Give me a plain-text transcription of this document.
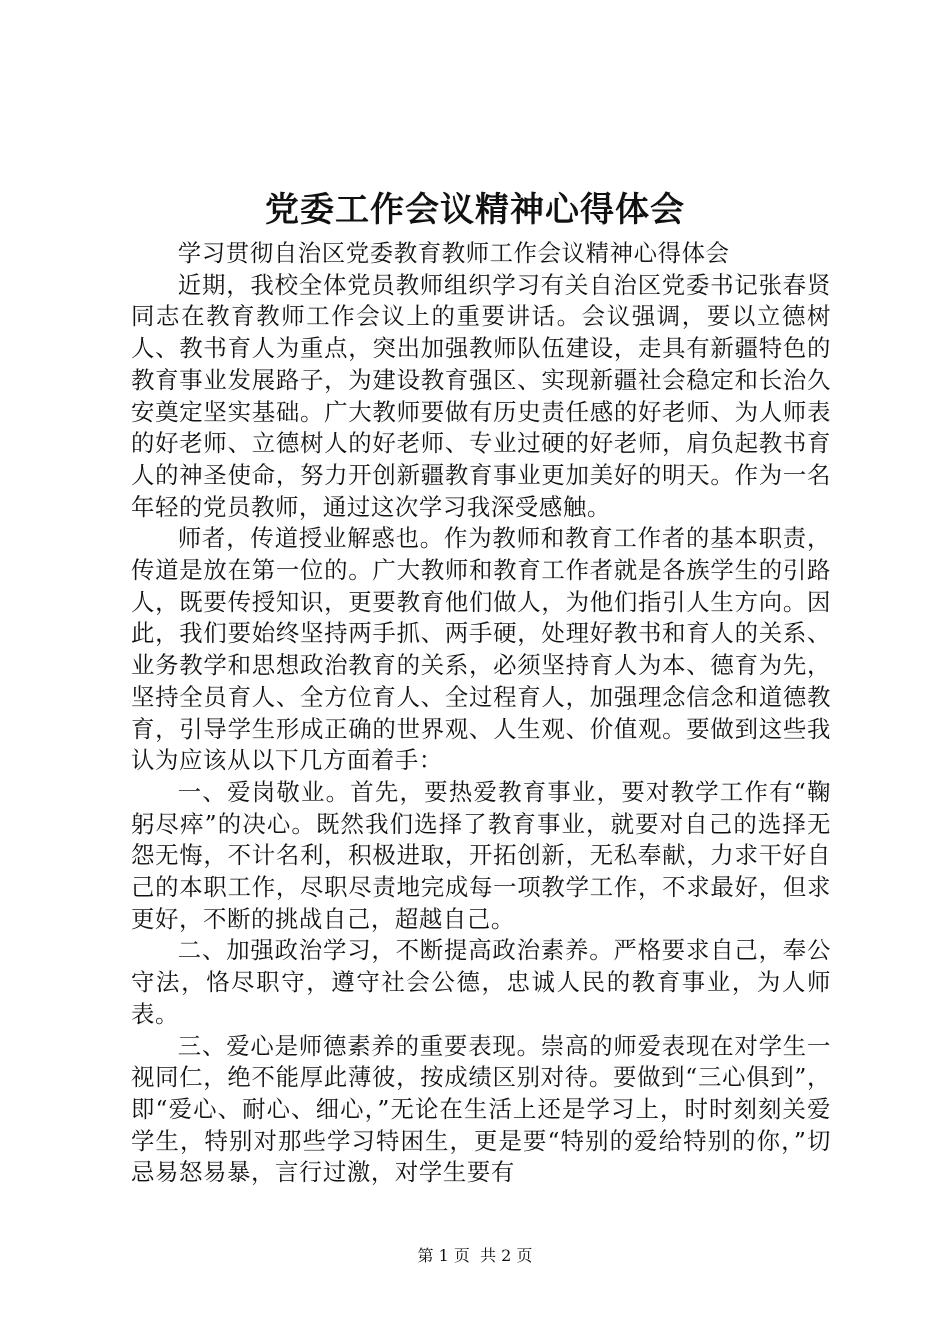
党委工作会议精神心得体会

学习贯彻自治区党委教育教师工作会议精神心得体会

近期，我校全体党员教师组织学习有关自治区党委书记张春贤同志在教育教师工作会议上的重要讲话。会议强调，要以立德树人、教书育人为重点，突出加强教师队伍建设，走具有新疆特色的教育事业发展路子，为建设教育强区、实现新疆社会稳定和长治久安奠定坚实基础。广大教师要做有历史责任感的好老师、为人师表的好老师、立德树人的好老师、专业过硬的好老师，肩负起教书育人的神圣使命，努力开创新疆教育事业更加美好的明天。作为一名年轻的党员教师，通过这次学习我深受感触。

师者，传道授业解惑也。作为教师和教育工作者的基本职责，传道是放在第一位的。广大教师和教育工作者就是各族学生的引路人，既要传授知识，更要教育他们做人，为他们指引人生方向。因此，我们要始终坚持两手抓、两手硬，处理好教书和育人的关系、业务教学和思想政治教育的关系，必须坚持育人为本、德育为先，坚持全员育人、全方位育人、全过程育人，加强理念信念和道德教育，引导学生形成正确的世界观、人生观、价值观。要做到这些我认为应该从以下几方面着手：

一、爱岗敬业。首先，要热爱教育事业，要对教学工作有“鞠躬尽瘁”的决心。既然我们选择了教育事业，就要对自己的选择无怨无悔，不计名利，积极进取，开拓创新，无私奉献，力求干好自己的本职工作，尽职尽责地完成每一项教学工作，不求最好，但求更好，不断的挑战自己，超越自己。

二、加强政治学习，不断提高政治素养。严格要求自己，奉公守法，恪尽职守，遵守社会公德，忠诚人民的教育事业，为人师表。

三、爱心是师德素养的重要表现。崇高的师爱表现在对学生一视同仁，绝不能厚此薄彼，按成绩区别对待。要做到“三心俱到”，即“爱心、耐心、细心，”无论在生活上还是学习上，时时刻刻关爱学生，特别对那些学习特困生，更是要“特别的爱给特别的你，”切忌易怒易暴，言行过激，对学生要有

第 1 页  共 2 页
